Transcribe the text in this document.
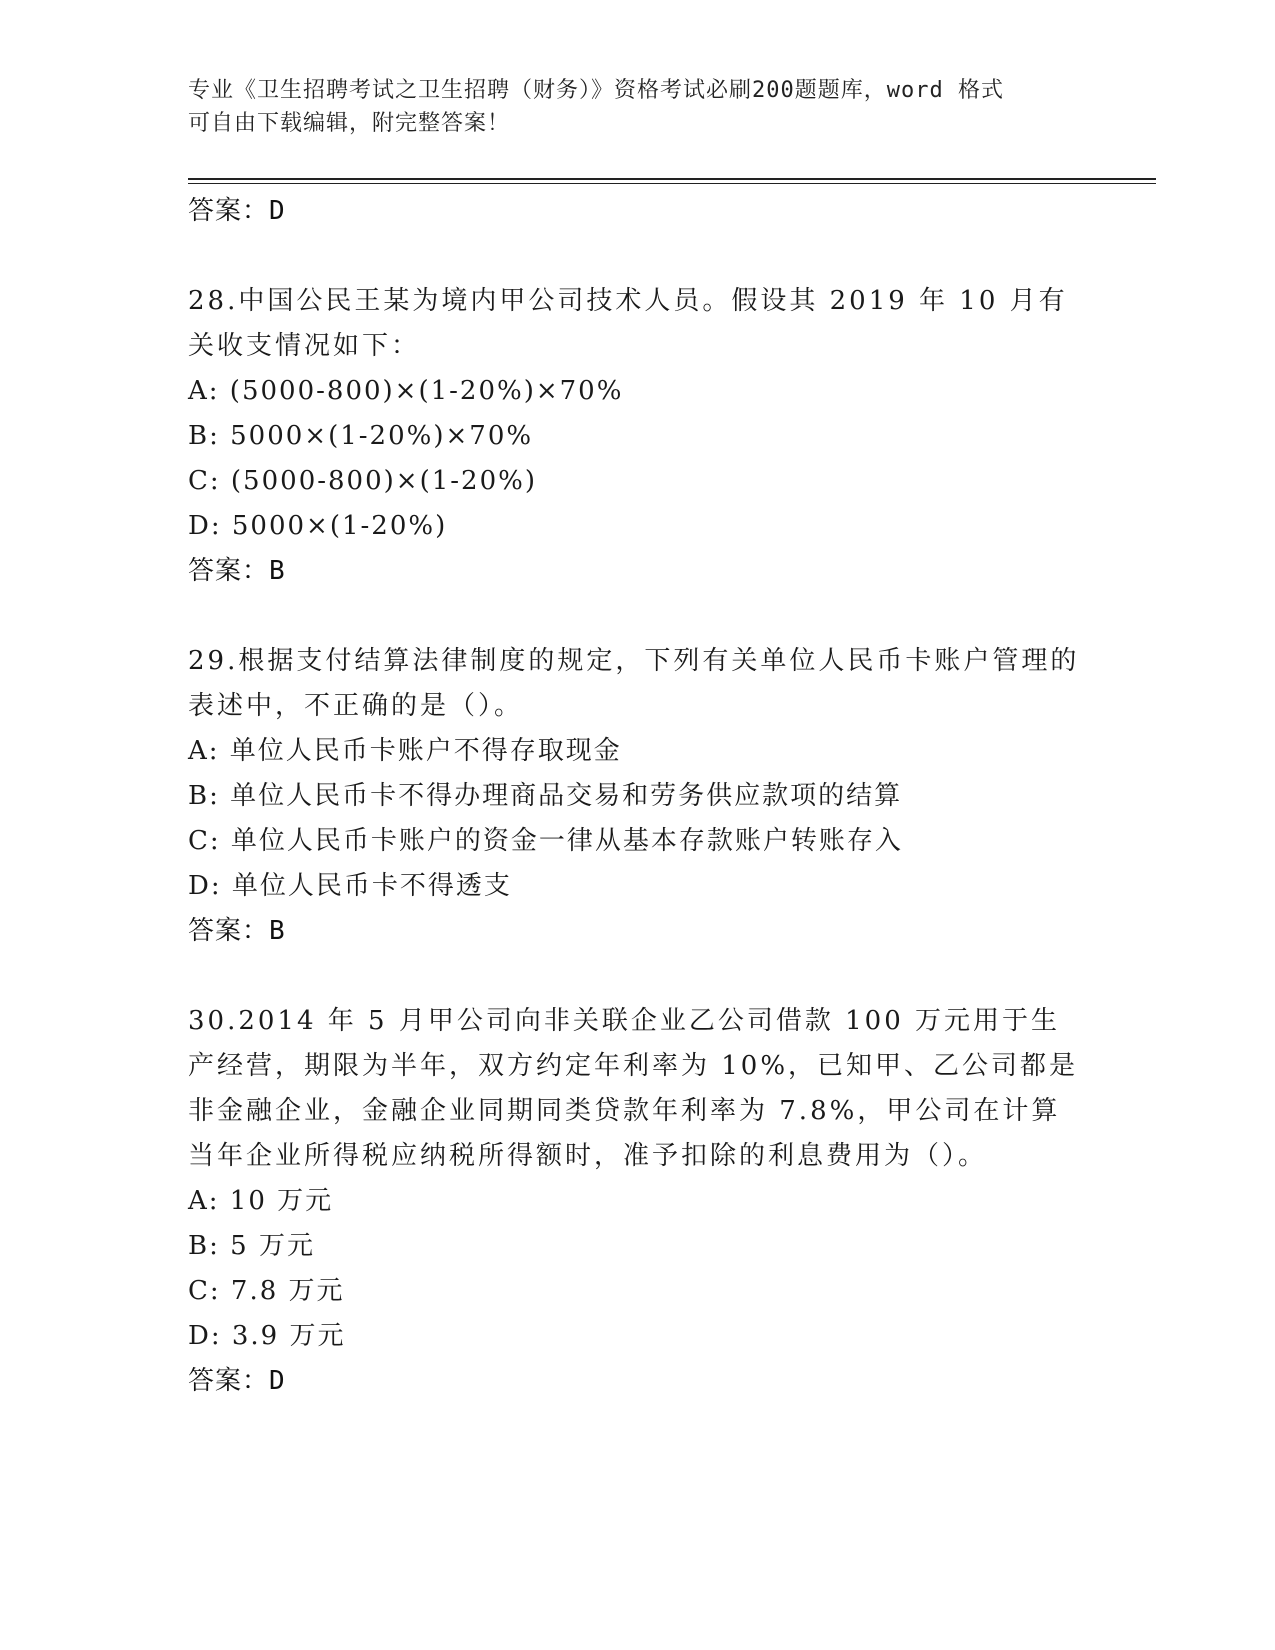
专业《卫生招聘考试之卫生招聘（财务）》资格考试必刷200题题库，word 格式
可自由下载编辑，附完整答案！
答案：D
28.中国公民王某为境内甲公司技术人员。假设其 2019 年 10 月有关收支情况如下：
A: (5000-800)×(1-20%)×70%
B: 5000×(1-20%)×70%
C: (5000-800)×(1-20%)
D: 5000×(1-20%)
答案：B
29.根据支付结算法律制度的规定，下列有关单位人民币卡账户管理的表述中，不正确的是（）。
A: 单位人民币卡账户不得存取现金
B: 单位人民币卡不得办理商品交易和劳务供应款项的结算
C: 单位人民币卡账户的资金一律从基本存款账户转账存入
D: 单位人民币卡不得透支
答案：B
30.2014 年 5 月甲公司向非关联企业乙公司借款 100 万元用于生产经营，期限为半年，双方约定年利率为 10%，已知甲、乙公司都是非金融企业，金融企业同期同类贷款年利率为 7.8%，甲公司在计算当年企业所得税应纳税所得额时，准予扣除的利息费用为（）。
A: 10 万元
B: 5 万元
C: 7.8 万元
D: 3.9 万元
答案：D
